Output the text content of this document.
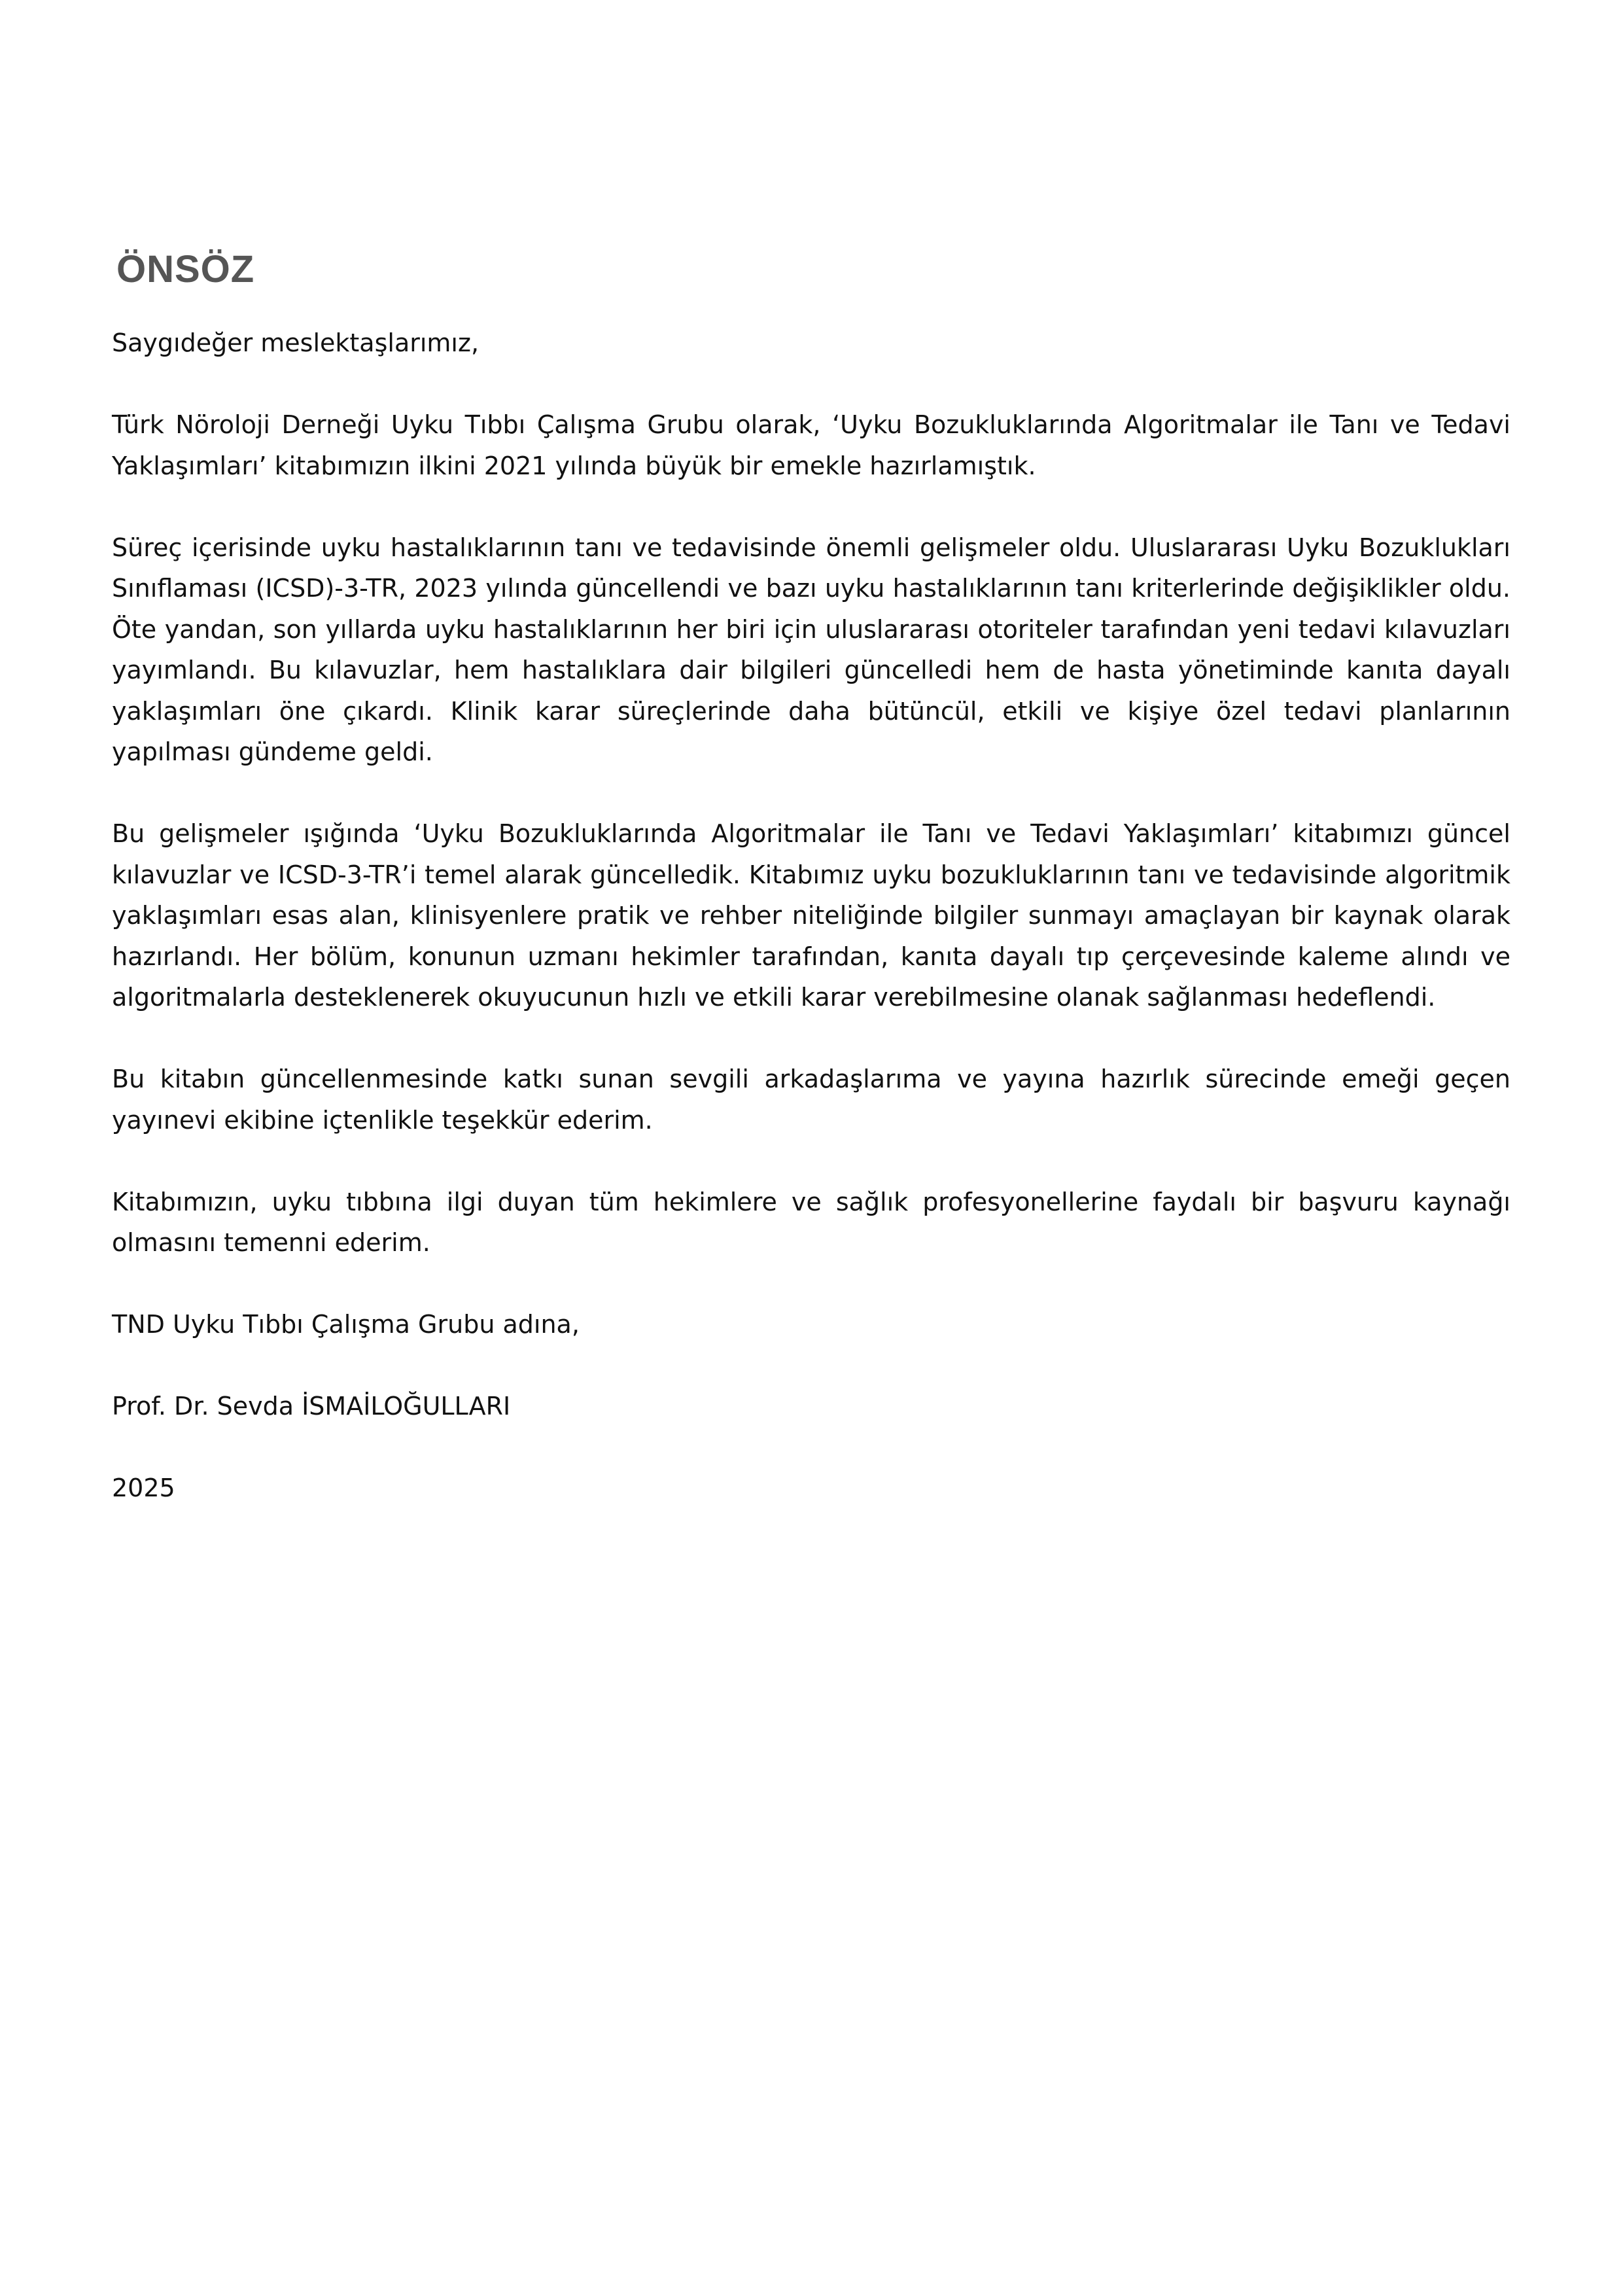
ÖNSÖZ

Saygıdeğer meslektaşlarımız,

Türk Nöroloji Derneği Uyku Tıbbı Çalışma Grubu olarak, ‘Uyku Bozukluklarında Algoritmalar ile Tanı ve Tedavi Yaklaşımları’ kitabımızın ilkini 2021 yılında büyük bir emekle hazırlamıştık.

Süreç içerisinde uyku hastalıklarının tanı ve tedavisinde önemli gelişmeler oldu. Uluslararası Uyku Bozuklukları Sınıflaması (ICSD)-3-TR, 2023 yılında güncellendi ve bazı uyku hastalıklarının tanı kriterlerinde değişiklikler oldu. Öte yandan, son yıllarda uyku hastalıklarının her biri için uluslararası otoriteler tarafından yeni tedavi kılavuzları yayımlandı. Bu kılavuzlar, hem hastalıklara dair bilgileri güncelledi hem de hasta yönetiminde kanıta dayalı yaklaşımları öne çıkardı. Klinik karar süreçlerinde daha bütüncül, etkili ve kişiye özel tedavi planlarının yapılması gündeme geldi.

Bu gelişmeler ışığında ‘Uyku Bozukluklarında Algoritmalar ile Tanı ve Tedavi Yaklaşımları’ kitabımızı güncel kılavuzlar ve ICSD-3-TR’i temel alarak güncelledik. Kitabımız uyku bozukluklarının tanı ve tedavisinde algoritmik yaklaşımları esas alan, klinisyenlere pratik ve rehber niteliğinde bilgiler sunmayı amaçlayan bir kaynak olarak hazırlandı. Her bölüm, konunun uzmanı hekimler tarafından, kanıta dayalı tıp çerçevesinde kaleme alındı ve algoritmalarla desteklenerek okuyucunun hızlı ve etkili karar verebilmesine olanak sağlanması hedeflendi.

Bu kitabın güncellenmesinde katkı sunan sevgili arkadaşlarıma ve yayına hazırlık sürecinde emeği geçen yayınevi ekibine içtenlikle teşekkür ederim.

Kitabımızın, uyku tıbbına ilgi duyan tüm hekimlere ve sağlık profesyonellerine faydalı bir başvuru kaynağı olmasını temenni ederim.

TND Uyku Tıbbı Çalışma Grubu adına,

Prof. Dr. Sevda İSMAİLOĞULLARI

2025
